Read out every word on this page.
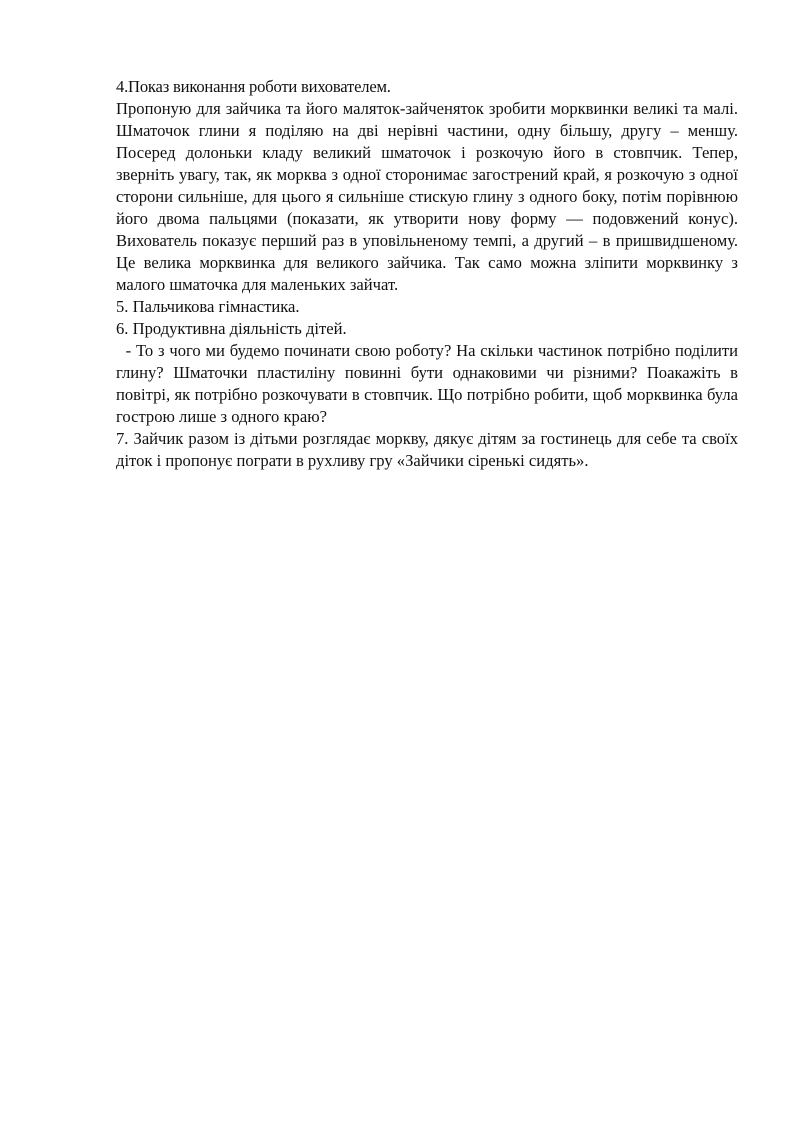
4.Показ виконання роботи вихователем.

Пропоную для зайчика та його маляток-зайченяток зробити морквинки великі та малі. Шматочок глини я поділяю на дві нерівні частини, одну більшу, другу – меншу. Посеред долоньки кладу великий шматочок і розкочую його в стовпчик. Тепер, зверніть увагу, так, як морква з одної сторонимає загострений край, я розкочую з одної сторони сильніше, для цього я сильніше стискую глину з одного боку, потім порівнюю його двома пальцями (показати, як утворити нову форму — подовжений конус). Вихователь показує перший раз в уповільненому темпі, а другий – в пришвидшеному. Це велика морквинка для великого зайчика. Так само можна зліпити морквинку з малого шматочка для маленьких зайчат.

5. Пальчикова гімнастика.

6. Продуктивна діяльність дітей.

- То з чого ми будемо починати свою роботу? На скільки частинок потрібно поділити глину? Шматочки пластиліну повинні бути однаковими чи різними? Поакажіть в повітрі, як потрібно розкочувати в стовпчик. Що потрібно робити, щоб морквинка була гострою лише з одного краю?

7. Зайчик разом із дітьми розглядає моркву, дякує дітям за гостинець для себе та своїх діток і пропонує пограти в рухливу гру «Зайчики сіренькі сидять».
